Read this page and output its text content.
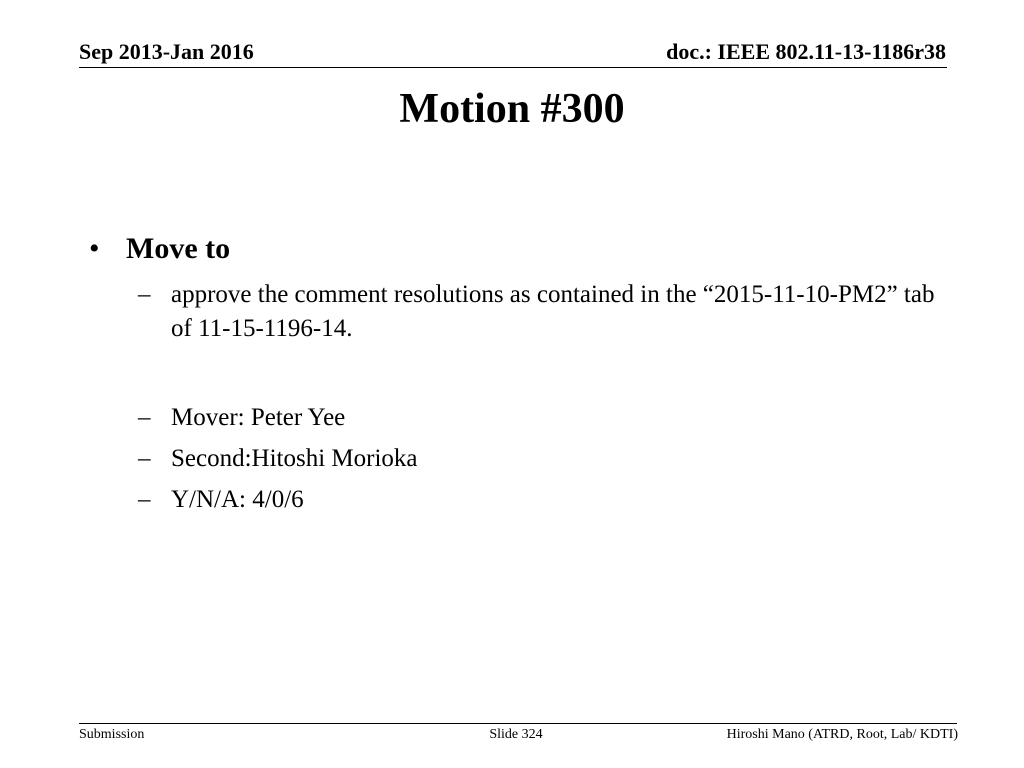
Sep 2013-Jan 2016	doc.: IEEE 802.11-13-1186r38
Motion #300
• Move to
– approve the comment resolutions as contained in the “2015-11-10-PM2” tab of 11-15-1196-14.
– Mover: Peter Yee
– Second:Hitoshi Morioka
– Y/N/A: 4/0/6
Submission	Slide 324	Hiroshi Mano (ATRD, Root, Lab/ KDTI)
